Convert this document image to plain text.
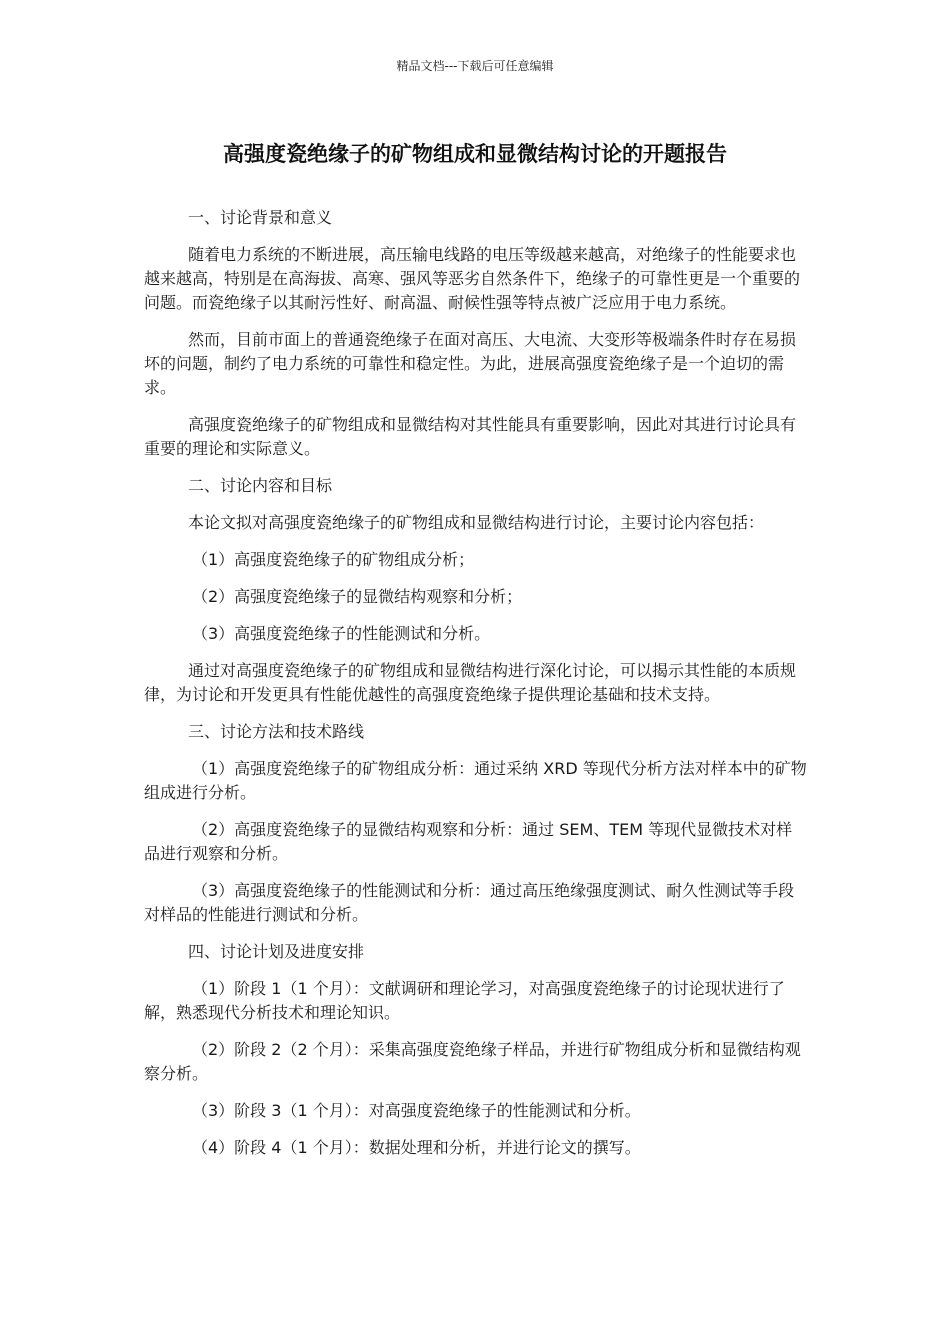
精品文档---下载后可任意编辑
高强度瓷绝缘子的矿物组成和显微结构讨论的开题报告

一、讨论背景和意义

随着电力系统的不断进展，高压输电线路的电压等级越来越高，对绝缘子的性能要求也越来越高，特别是在高海拔、高寒、强风等恶劣自然条件下，绝缘子的可靠性更是一个重要的问题。而瓷绝缘子以其耐污性好、耐高温、耐候性强等特点被广泛应用于电力系统。

然而，目前市面上的普通瓷绝缘子在面对高压、大电流、大变形等极端条件时存在易损坏的问题，制约了电力系统的可靠性和稳定性。为此，进展高强度瓷绝缘子是一个迫切的需求。

高强度瓷绝缘子的矿物组成和显微结构对其性能具有重要影响，因此对其进行讨论具有重要的理论和实际意义。

二、讨论内容和目标

本论文拟对高强度瓷绝缘子的矿物组成和显微结构进行讨论，主要讨论内容包括：

（1）高强度瓷绝缘子的矿物组成分析；

（2）高强度瓷绝缘子的显微结构观察和分析；

（3）高强度瓷绝缘子的性能测试和分析。

通过对高强度瓷绝缘子的矿物组成和显微结构进行深化讨论，可以揭示其性能的本质规律，为讨论和开发更具有性能优越性的高强度瓷绝缘子提供理论基础和技术支持。

三、讨论方法和技术路线

（1）高强度瓷绝缘子的矿物组成分析：通过采纳 XRD 等现代分析方法对样本中的矿物组成进行分析。

（2）高强度瓷绝缘子的显微结构观察和分析：通过 SEM、TEM 等现代显微技术对样品进行观察和分析。

（3）高强度瓷绝缘子的性能测试和分析：通过高压绝缘强度测试、耐久性测试等手段对样品的性能进行测试和分析。

四、讨论计划及进度安排

（1）阶段 1（1 个月）：文献调研和理论学习，对高强度瓷绝缘子的讨论现状进行了解，熟悉现代分析技术和理论知识。

（2）阶段 2（2 个月）：采集高强度瓷绝缘子样品，并进行矿物组成分析和显微结构观察分析。

（3）阶段 3（1 个月）：对高强度瓷绝缘子的性能测试和分析。

（4）阶段 4（1 个月）：数据处理和分析，并进行论文的撰写。
